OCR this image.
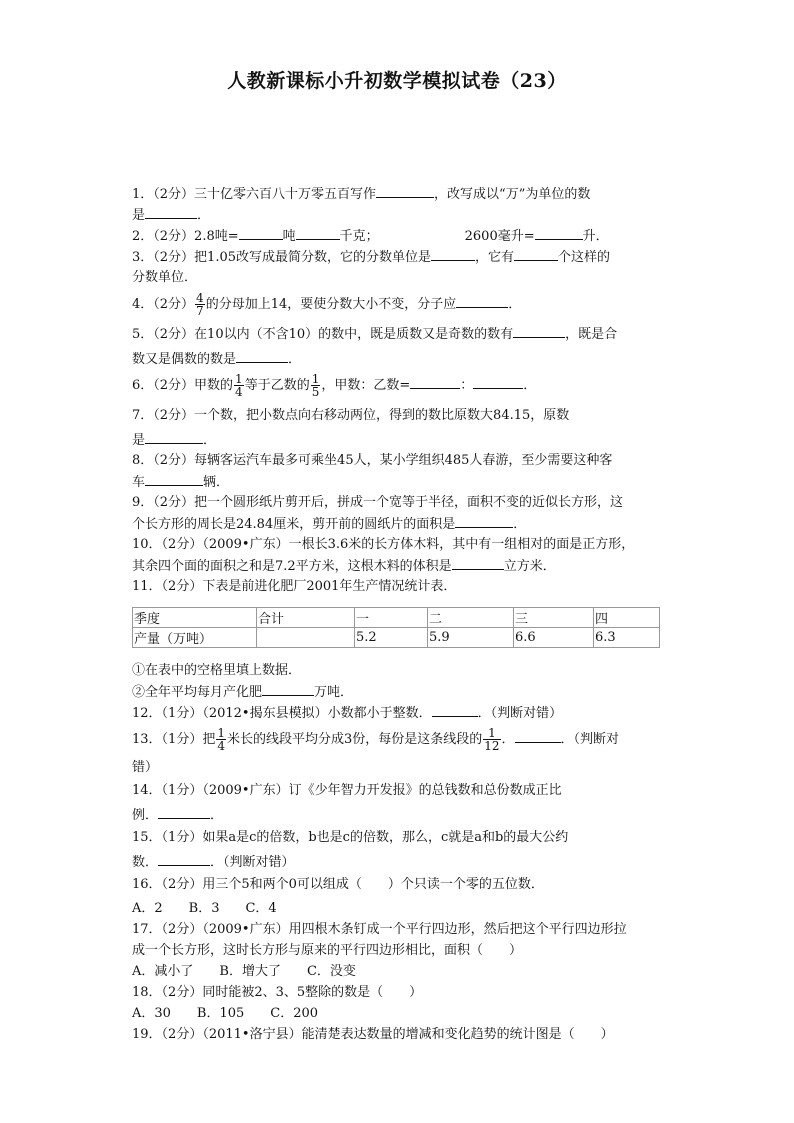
人教新课标小升初数学模拟试卷（23）
1．（2分）三十亿零六百八十万零五百写作	，改写成以“万”为单位的数
是	．
2．（2分）2.8吨=	吨	千克；	2600毫升=	升．
3．（2分）把1.05改写成最简分数，它的分数单位是	，它有	个这样的
分数单位．
4．（2分） $\frac{4}{7}$ 的分母加上14，要使分数大小不变，分子应	．
5．（2分）在10以内（不含10）的数中，既是质数又是奇数的数有	，既是合
数又是偶数的数是	．
6．（2分）甲数的 $\frac{1}{4}$ 等于乙数的 $\frac{1}{5}$ ，甲数：乙数=	：	．
7．（2分）一个数，把小数点向右移动两位，得到的数比原数大84.15，原数
是	．
8．（2分）每辆客运汽车最多可乘坐45人，某小学组织485人春游，至少需要这种客
车	辆．
9．（2分）把一个圆形纸片剪开后，拼成一个宽等于半径，面积不变的近似长方形，这
个长方形的周长是24.84厘米，剪开前的圆纸片的面积是	．
10．（2分）（2009•广东）一根长3.6米的长方体木料，其中有一组相对的面是正方形，
其余四个面的面积之和是7.2平方米，这根木料的体积是	立方米．
11．（2分）下表是前进化肥厂2001年生产情况统计表．
季度	合计	一	二	三	四
产量（万吨）		5.2	5.9	6.6	6.3
①在表中的空格里填上数据．
②全年平均每月产化肥	万吨．
12．（1分）（2012•揭东县模拟）小数都小于整数．	．（判断对错）
13．（1分）把 $\frac{1}{4}$ 米长的线段平均分成3份，每份是这条线段的 $\frac{1}{12}$ ．	．（判断对
错）
14．（1分）（2009•广东）订《少年智力开发报》的总钱数和总份数成正比
例．	．
15．（1分）如果a是c的倍数，b也是c的倍数，那么，c就是a和b的最大公约
数．	．（判断对错）
16．（2分）用三个5和两个0可以组成（　　）个只读一个零的五位数．
A．2　　B．3　　C．4
17．（2分）（2009•广东）用四根木条钉成一个平行四边形，然后把这个平行四边形拉
成一个长方形，这时长方形与原来的平行四边形相比，面积（　　）
A．减小了　　B．增大了　　C．没变
18．（2分）同时能被2、3、5整除的数是（　　）
A．30　　B．105　　C．200
19．（2分）（2011•洛宁县）能清楚表达数量的增减和变化趋势的统计图是（　　）
